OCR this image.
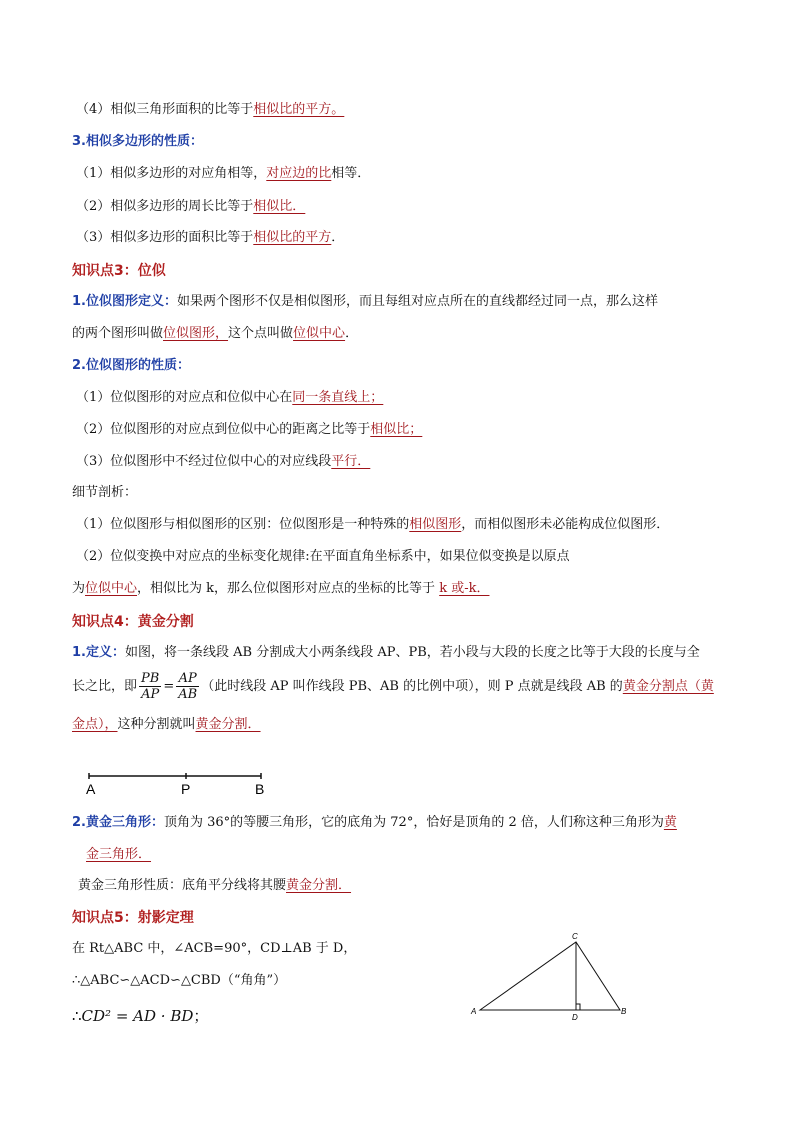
（4）相似三角形面积的比等于相似比的平方。
3.相似多边形的性质：
（1）相似多边形的对应角相等，对应边的比相等．
（2）相似多边形的周长比等于相似比．
（3）相似多边形的面积比等于相似比的平方．
知识点3：位似
1.位似图形定义：如果两个图形不仅是相似图形，而且每组对应点所在的直线都经过同一点，那么这样
的两个图形叫做位似图形，这个点叫做位似中心．
2.位似图形的性质：
（1）位似图形的对应点和位似中心在同一条直线上；
（2）位似图形的对应点到位似中心的距离之比等于相似比；
（3）位似图形中不经过位似中心的对应线段平行．
细节剖析：
（1）位似图形与相似图形的区别：位似图形是一种特殊的相似图形，而相似图形未必能构成位似图形．
（2）位似变换中对应点的坐标变化规律:在平面直角坐标系中，如果位似变换是以原点
为位似中心，相似比为 k，那么位似图形对应点的坐标的比等于 k 或-k．
知识点4：黄金分割
1.定义：如图，将一条线段 AB 分割成大小两条线段 AP、PB，若小段与大段的长度之比等于大段的长度与全
长之比，即 $\frac{PB}{AP} = \frac{AP}{AB}$ （此时线段 AP 叫作线段 PB、AB 的比例中项），则 P 点就是线段 AB 的黄金分割点（黄
金点），这种分割就叫黄金分割．
A	P	B
2.黄金三角形：顶角为 36°的等腰三角形，它的底角为 72°，恰好是顶角的 2 倍，人们称这种三角形为黄
金三角形．
黄金三角形性质：底角平分线将其腰黄金分割．
知识点5：射影定理
在 Rt△ABC 中，∠ACB=90°，CD⊥AB 于 D，
∴△ABC∽△ACD∽△CBD（“角角”）
∴CD² = AD · BD；	A	B
C
D
